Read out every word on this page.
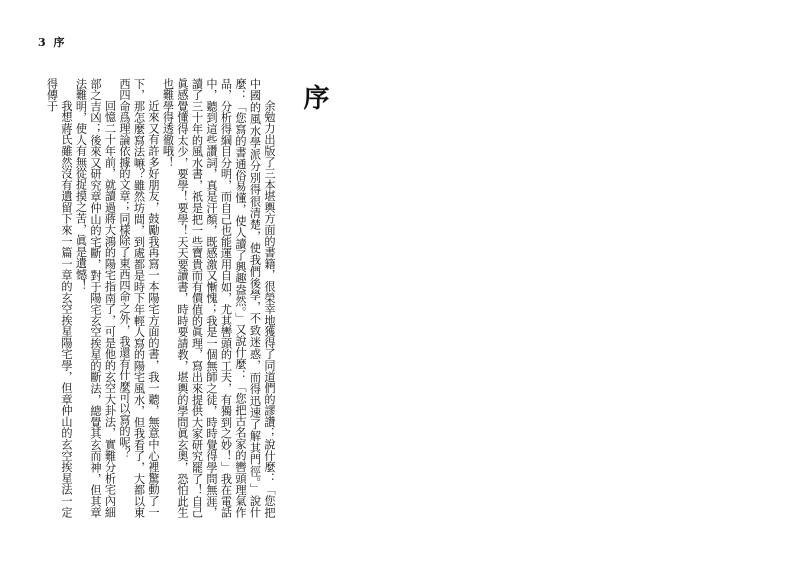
3 序
序

余勉力出版了三本堪輿方面的書籍，很榮幸地獲得了同道們的謬讚；說什麼：「您把中國的風水學派分別得很清楚，使我們後學，不致迷惑，而得迅速了解其門徑。」說什麼：「您寫的書通俗易懂，使人讀了興趣盎然。」又說什麼：「您把古名家的轡頭理氣作品，分析得綱目分明，而自己也能運用自如，尤其轡頭的工夫，有獨到之妙！」我在電話中，聽到這些讚詞，真是汗顏，既感激又慚愧；我是一個無師之徒，時時覺得學問無涯，讀了三十年的風水書，祇是把一些寶貴而有價值的眞理，寫出來提供大家研究罷了！自己眞感覺懂得太少，要學！要學！天天要讀書，時時要請教，堪輿的學問眞玄奧，恐怕此生也難學得透徹哦！

近來又有許多好朋友，鼓勵我再寫一本陽宅方面的書，我一聽，無意中心裡驚動了一下，那怎麼寫法嘛？雖然坊間，到處都是時下年輕人寫的陽宅風水，但我看了，大都以東西四命爲理論依據的文章；同樣除了東西四命之外，我還有什麼可以寫的呢？

回憶二十年前，就讀過蔣大鴻的陽宅指南了，可是他的玄空大卦法，實難分析宅內細部之吉凶；後來又研究章仲山的宅斷，對于陽宅玄空挨星的斷法，總覺其玄而神，但其章法難明，使人有無從捉摸之苦，眞是遺憾！

我想蔣氏雖然沒有遺留下來一篇一章的玄空挨星陽宅學，但章仲山的玄空挨星法一定得傳于
